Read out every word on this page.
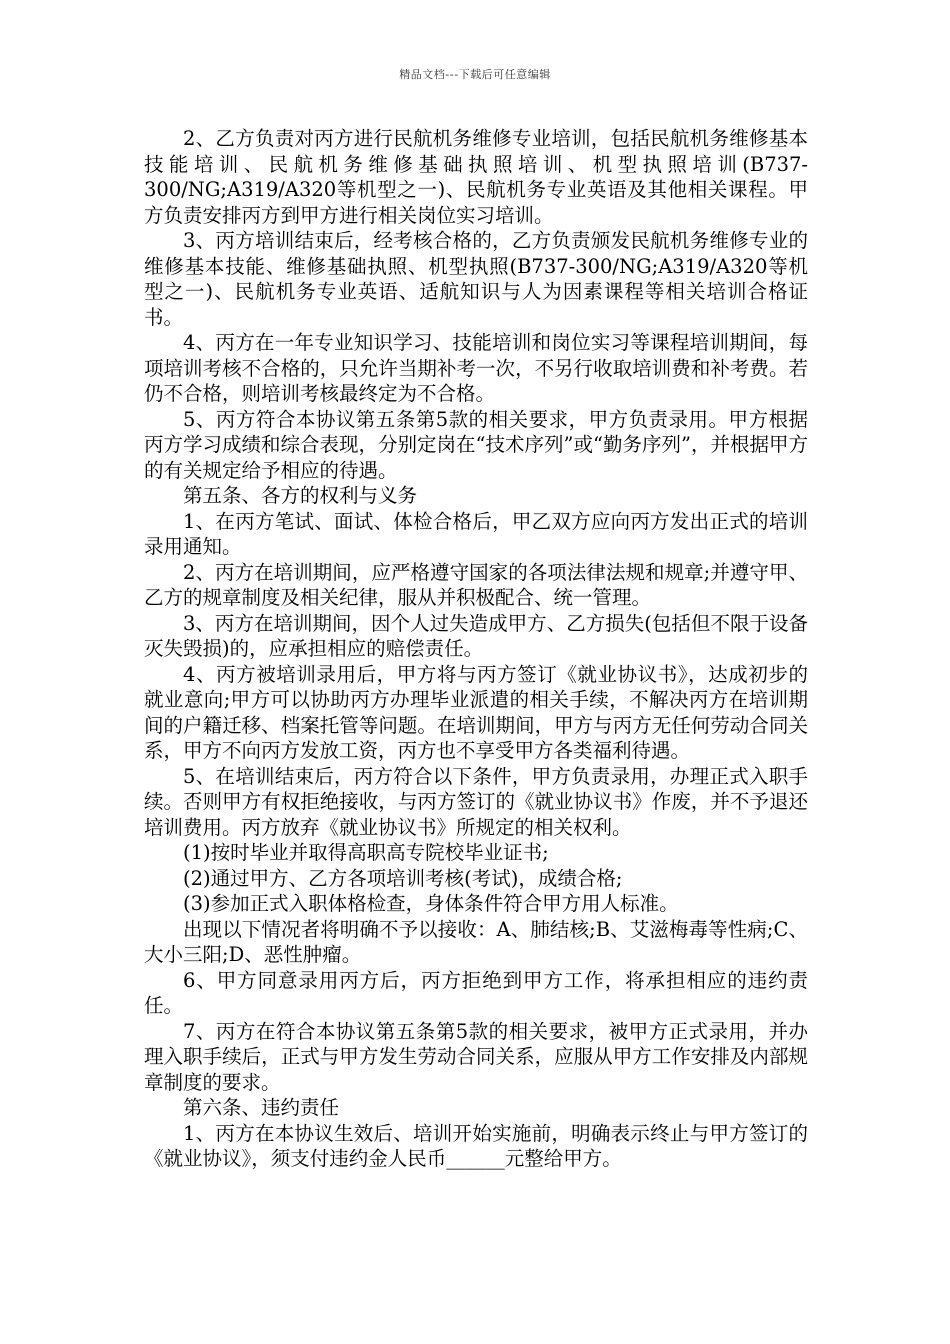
精品文档---下载后可任意编辑

2、乙方负责对丙方进行民航机务维修专业培训，包括民航机务维修基本技能培训、民航机务维修基础执照培训、机型执照培训(B737-300/NG;A319/A320等机型之一)、民航机务专业英语及其他相关课程。甲方负责安排丙方到甲方进行相关岗位实习培训。

3、丙方培训结束后，经考核合格的，乙方负责颁发民航机务维修专业的维修基本技能、维修基础执照、机型执照(B737-300/NG;A319/A320等机型之一)、民航机务专业英语、适航知识与人为因素课程等相关培训合格证书。

4、丙方在一年专业知识学习、技能培训和岗位实习等课程培训期间，每项培训考核不合格的，只允许当期补考一次，不另行收取培训费和补考费。若仍不合格，则培训考核最终定为不合格。

5、丙方符合本协议第五条第5款的相关要求，甲方负责录用。甲方根据丙方学习成绩和综合表现，分别定岗在“技术序列”或“勤务序列”，并根据甲方的有关规定给予相应的待遇。

第五条、各方的权利与义务

1、在丙方笔试、面试、体检合格后，甲乙双方应向丙方发出正式的培训录用通知。

2、丙方在培训期间，应严格遵守国家的各项法律法规和规章;并遵守甲、乙方的规章制度及相关纪律，服从并积极配合、统一管理。

3、丙方在培训期间，因个人过失造成甲方、乙方损失(包括但不限于设备灭失毁损)的，应承担相应的赔偿责任。

4、丙方被培训录用后，甲方将与丙方签订《就业协议书》，达成初步的就业意向;甲方可以协助丙方办理毕业派遣的相关手续，不解决丙方在培训期间的户籍迁移、档案托管等问题。在培训期间，甲方与丙方无任何劳动合同关系，甲方不向丙方发放工资，丙方也不享受甲方各类福利待遇。

5、在培训结束后，丙方符合以下条件，甲方负责录用，办理正式入职手续。否则甲方有权拒绝接收，与丙方签订的《就业协议书》作废，并不予退还培训费用。丙方放弃《就业协议书》所规定的相关权利。

(1)按时毕业并取得高职高专院校毕业证书;

(2)通过甲方、乙方各项培训考核(考试)，成绩合格;

(3)参加正式入职体格检查，身体条件符合甲方用人标准。

出现以下情况者将明确不予以接收：A、肺结核;B、艾滋梅毒等性病;C、大小三阳;D、恶性肿瘤。

6、甲方同意录用丙方后，丙方拒绝到甲方工作，将承担相应的违约责任。

7、丙方在符合本协议第五条第5款的相关要求，被甲方正式录用，并办理入职手续后，正式与甲方发生劳动合同关系，应服从甲方工作安排及内部规章制度的要求。

第六条、违约责任

1、丙方在本协议生效后、培训开始实施前，明确表示终止与甲方签订的《就业协议》，须支付违约金人民币______元整给甲方。
